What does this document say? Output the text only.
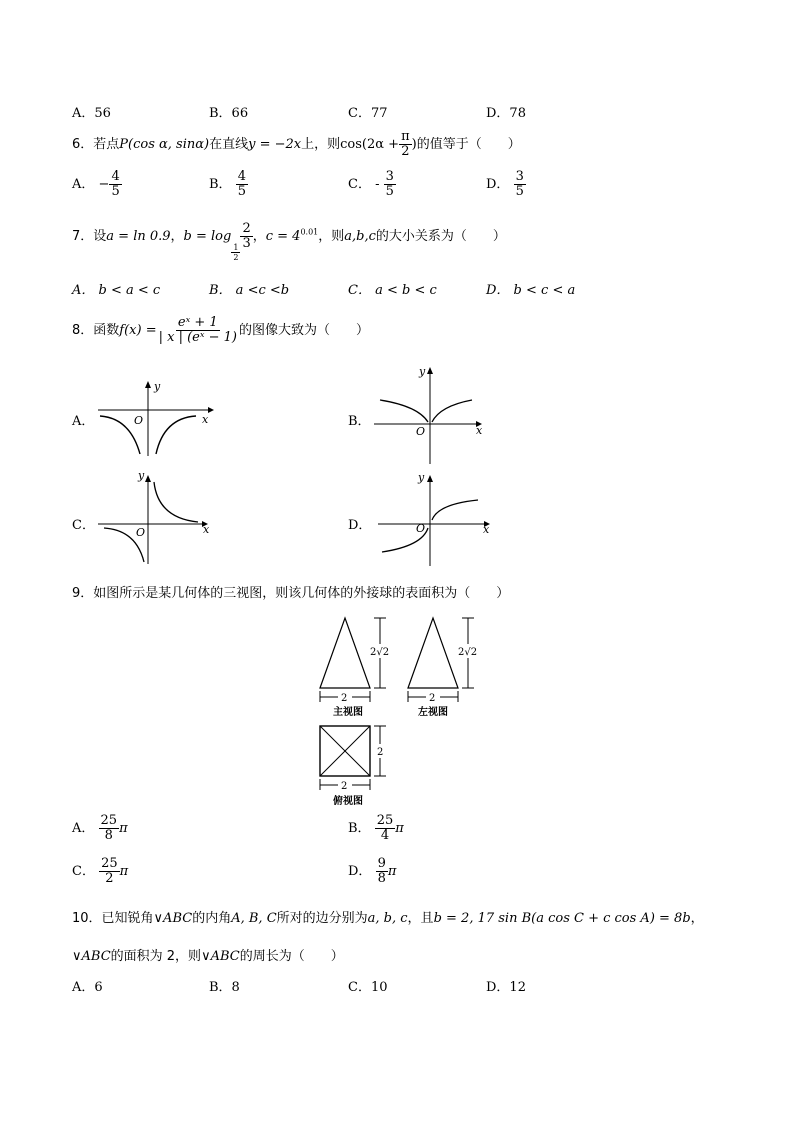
A．56	B．66	C．77	D．78
6．若点P(cos α, sinα)在直线y = −2x上，则$\cos(2\alpha + \frac{\pi}{2}$ )的值等于（　　）
A． − $\frac{4}{5}$	B． $\frac{4}{5}$	C． - $\frac{3}{5}$	D． $\frac{3}{5}$
7．设a = ln 0.9，b = log
$\frac{1}{2}$
$\frac{2}{3}$ ，$c = 4^{0.01}$，则a,b,c的大小关系为（　　）
A． b < a < c	B． a <c <b	C． a < b < c	D． b < c < a
8．函数$f(x) = \frac{\text{eˣ + 1}}{\text{| x | (eˣ − 1)}}$ 的图像大致为（　　）
A．	B．
C．	D．
y
x
O
y
x
O
y
x
O
y
x
O
9．如图所示是某几何体的三视图，则该几何体的外接球的表面积为（　　）
2
主视图
2√2
2
左视图
2√2
2
俯视图
2
A． $\frac{25}{8}$ π	B． $\frac{25}{4}$ π
C． $\frac{25}{2}$ π	D． $\frac{9}{8}$ π
10．已知锐角∨ABC的内角A, B, C所对的边分别为a, b, c，且b = 2, 17 sin B(a cos C + c cos A) = 8b，
∨ABC的面积为 2，则∨ABC的周长为（　　）
A．6	B．8	C．10	D．12
